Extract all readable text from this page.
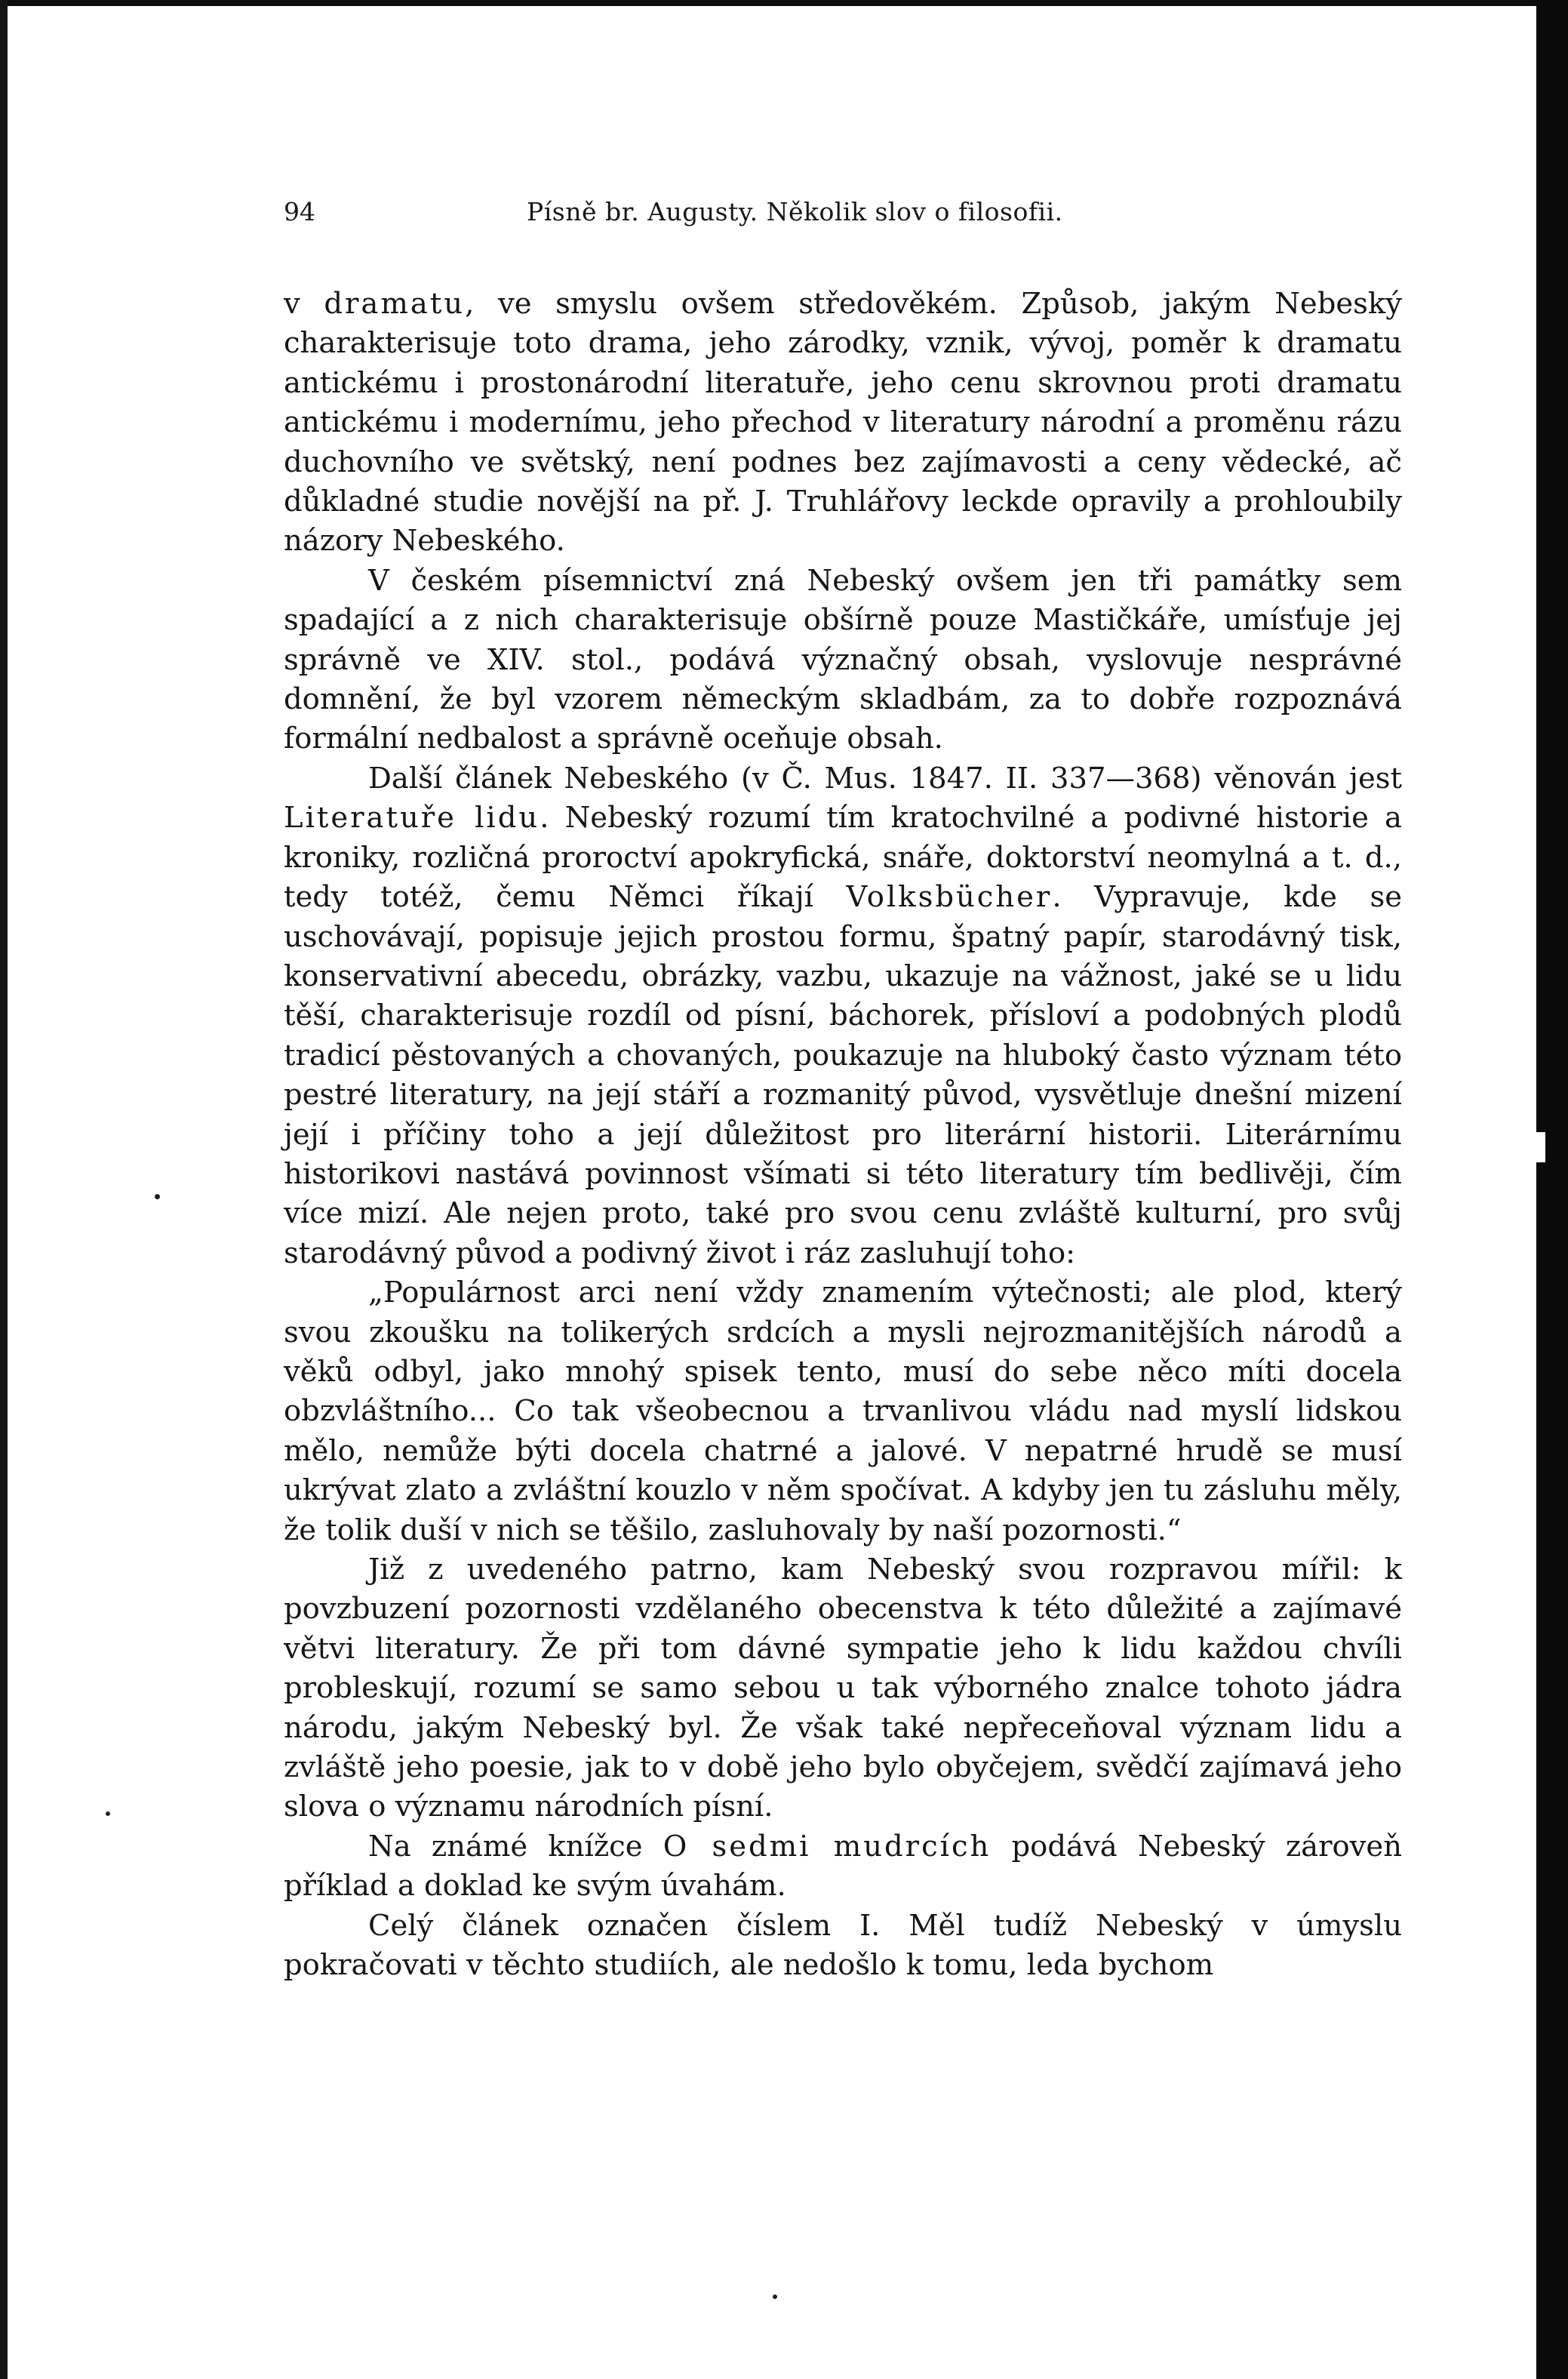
94	Písně br. Augusty. Několik slov o filosofii.

v dramatu, ve smyslu ovšem středověkém. Způsob, jakým Nebeský charakterisuje toto drama, jeho zárodky, vznik, vývoj, poměr k dramatu antickému i prostonárodní literatuře, jeho cenu skrovnou proti dramatu antickému i modernímu, jeho přechod v literatury národní a proměnu rázu duchovního ve světský, není podnes bez zajímavosti a ceny vědecké, ač důkladné studie novější na př. J. Truhlářovy leckde opravily a prohloubily názory Nebeského.

V českém písemnictví zná Nebeský ovšem jen tři památky sem spadající a z nich charakterisuje obšírně pouze Mastičkáře, umísťuje jej správně ve XIV. stol., podává význačný obsah, vyslovuje nesprávné domnění, že byl vzorem německým skladbám, za to dobře rozpoznává formální nedbalost a správně oceňuje obsah.

Další článek Nebeského (v Č. Mus. 1847. II. 337—368) věnován jest Literatuře lidu. Nebeský rozumí tím kratochvilné a podivné historie a kroniky, rozličná proroctví apokryfická, snáře, doktorství neomylná a t. d., tedy totéž, čemu Němci říkají Volksbücher. Vypravuje, kde se uschovávají, popisuje jejich prostou formu, špatný papír, starodávný tisk, konservativní abecedu, obrázky, vazbu, ukazuje na vážnost, jaké se u lidu těší, charakterisuje rozdíl od písní, báchorek, přísloví a podobných plodů tradicí pěstovaných a chovaných, poukazuje na hluboký často význam této pestré literatury, na její stáří a rozmanitý původ, vysvětluje dnešní mizení její i příčiny toho a její důležitost pro literární historii. Literárnímu historikovi nastává povinnost všímati si této literatury tím bedlivěji, čím více mizí. Ale nejen proto, také pro svou cenu zvláště kulturní, pro svůj starodávný původ a podivný život i ráz zasluhují toho:

„Populárnost arci není vždy znamením výtečnosti; ale plod, který svou zkoušku na tolikerých srdcích a mysli nejrozmanitějších národů a věků odbyl, jako mnohý spisek tento, musí do sebe něco míti docela obzvláštního... Co tak všeobecnou a trvanlivou vládu nad myslí lidskou mělo, nemůže býti docela chatrné a jalové. V nepatrné hrudě se musí ukrývat zlato a zvláštní kouzlo v něm spočívat. A kdyby jen tu zásluhu měly, že tolik duší v nich se těšilo, zasluhovaly by naší pozornosti.“

Již z uvedeného patrno, kam Nebeský svou rozpravou mířil: k povzbuzení pozornosti vzdělaného obecenstva k této důležité a zajímavé větvi literatury. Že při tom dávné sympatie jeho k lidu každou chvíli probleskují, rozumí se samo sebou u tak výborného znalce tohoto jádra národu, jakým Nebeský byl. Že však také nepřeceňoval význam lidu a zvláště jeho poesie, jak to v době jeho bylo obyčejem, svědčí zajímavá jeho slova o významu národních písní.

Na známé knížce O sedmi mudrcích podává Nebeský zároveň příklad a doklad ke svým úvahám.

Celý článek označen číslem I. Měl tudíž Nebeský v úmyslu pokračovati v těchto studiích, ale nedošlo k tomu, leda bychom
